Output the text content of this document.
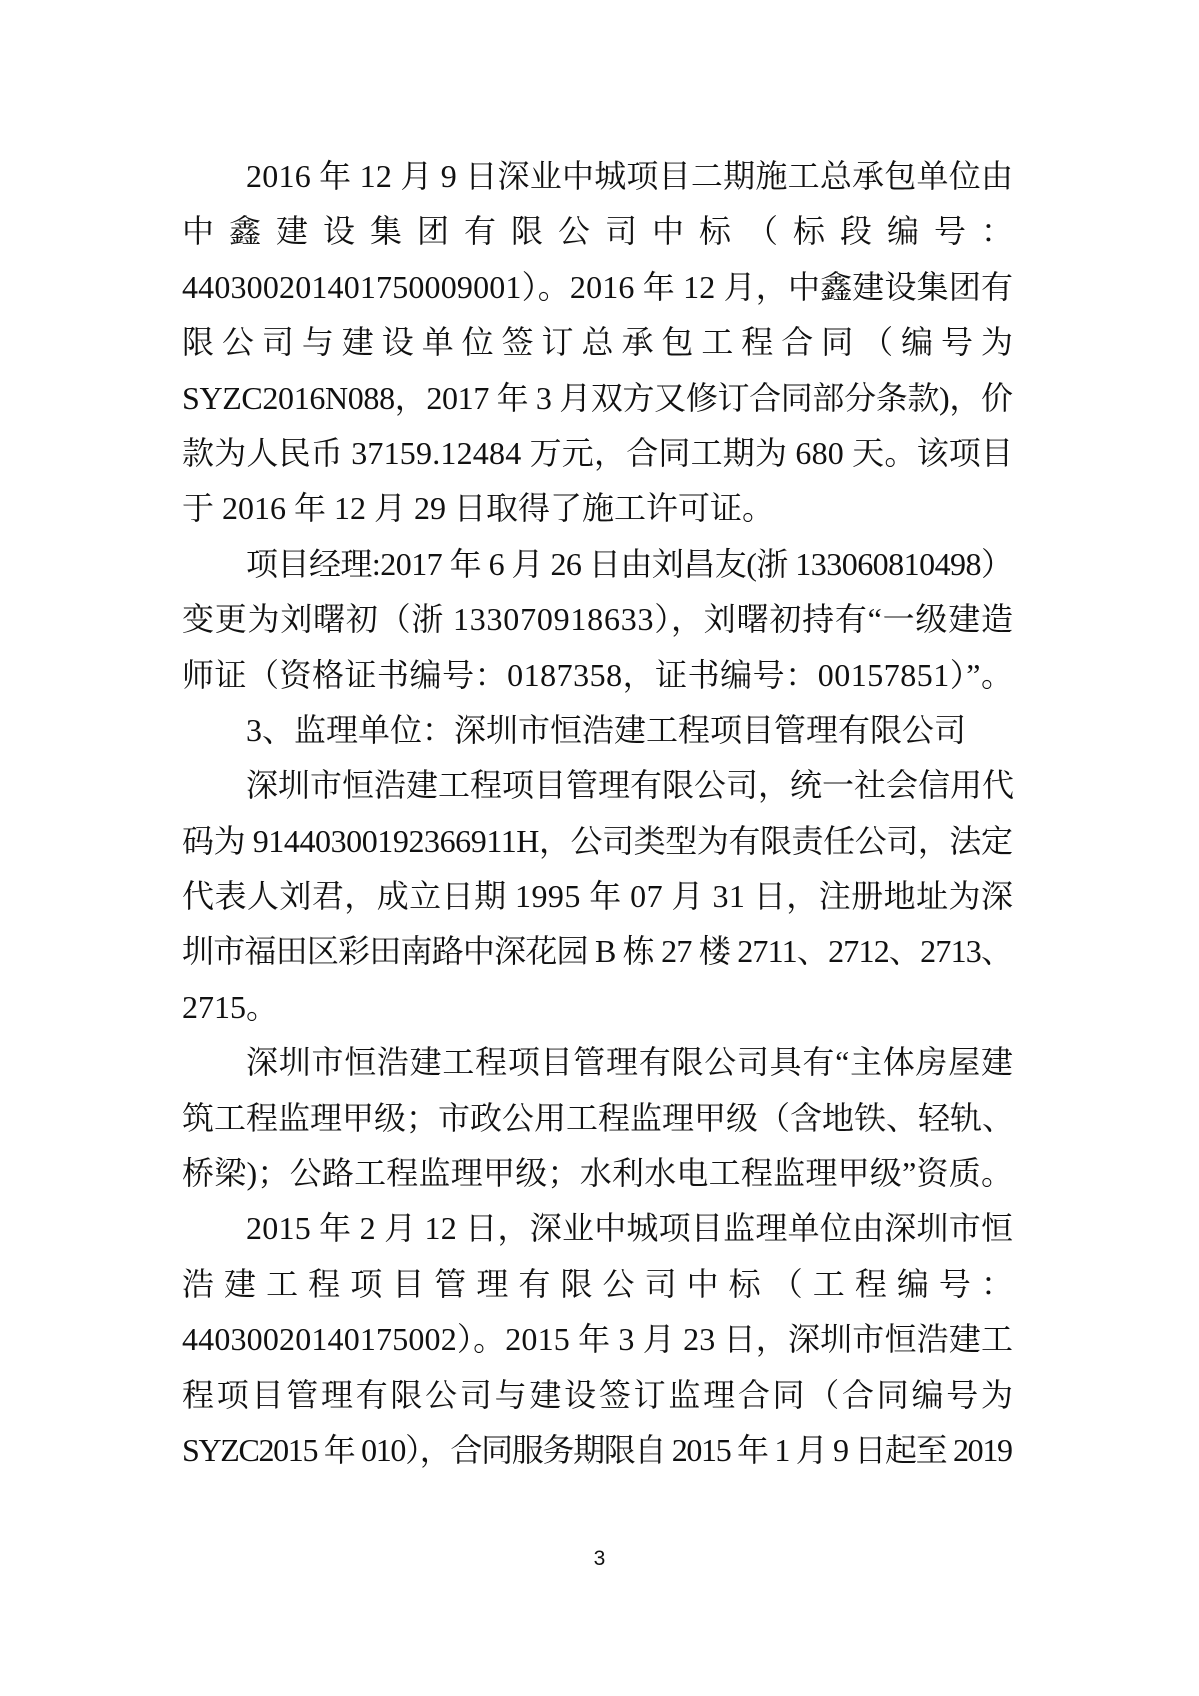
2016 年 12 月 9 日深业中城项目二期施工总承包单位由
中鑫建设集团有限公司中标（标段编号：
440300201401750009001）。2016 年 12 月，中鑫建设集团有
限公司与建设单位签订总承包工程合同（编号为
SYZC2016N088，2017 年 3 月双方又修订合同部分条款)，价
款为人民币 37159.12484 万元，合同工期为 680 天。该项目
于 2016 年 12 月 29 日取得了施工许可证。
项目经理:2017 年 6 月 26 日由刘昌友(浙 133060810498）
变更为刘曙初（浙 133070918633），刘曙初持有“一级建造
师证（资格证书编号：0187358，证书编号：00157851）”。
3、监理单位：深圳市恒浩建工程项目管理有限公司
深圳市恒浩建工程项目管理有限公司，统一社会信用代
码为 91440300192366911H，公司类型为有限责任公司，法定
代表人刘君，成立日期 1995 年 07 月 31 日，注册地址为深
圳市福田区彩田南路中深花园 B 栋 27 楼 2711、2712、2713、
2715。
深圳市恒浩建工程项目管理有限公司具有“主体房屋建
筑工程监理甲级；市政公用工程监理甲级（含地铁、轻轨、
桥梁)；公路工程监理甲级；水利水电工程监理甲级”资质。
2015 年 2 月 12 日，深业中城项目监理单位由深圳市恒
浩建工程项目管理有限公司中标（工程编号：
44030020140175002）。2015 年 3 月 23 日，深圳市恒浩建工
程项目管理有限公司与建设签订监理合同（合同编号为
SYZC2015 年 010），合同服务期限自 2015 年 1 月 9 日起至 2019
3
